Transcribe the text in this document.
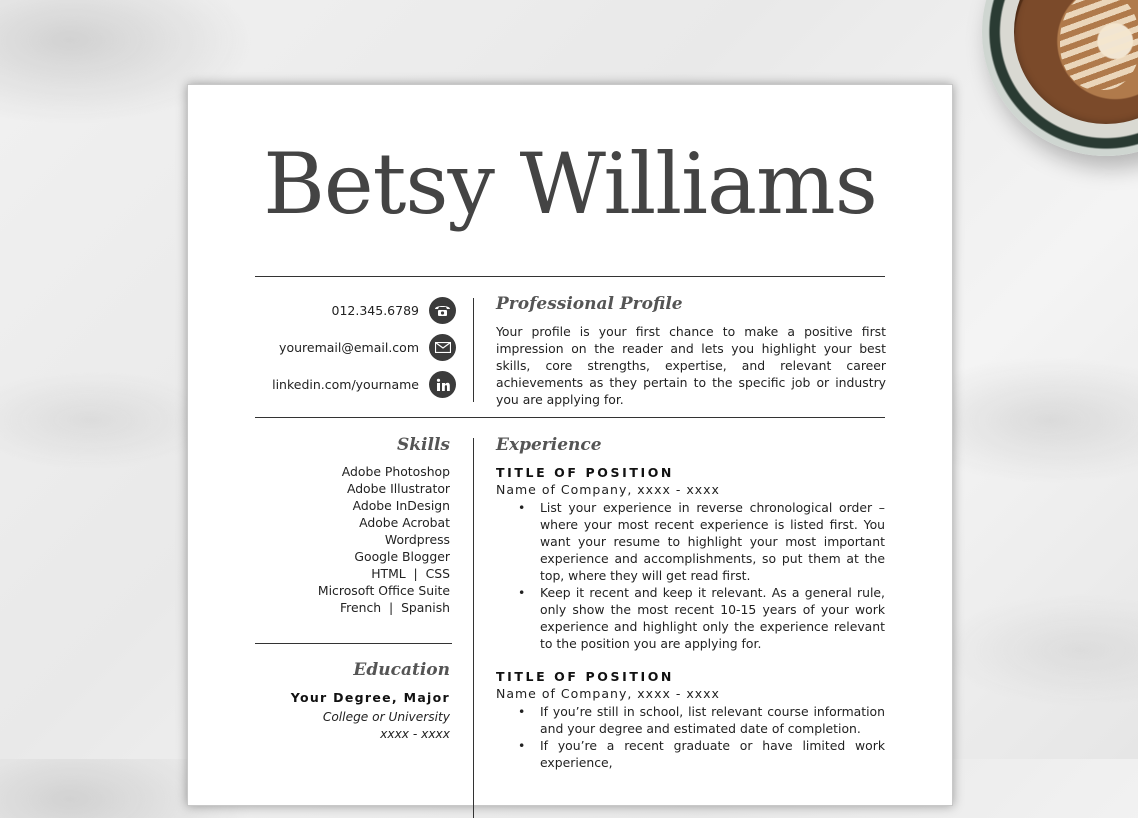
Betsy Williams
012.345.6789
youremail@email.com
linkedin.com/yourname
Professional Profile

Your profile is your first chance to make a positive first impression on the reader and lets you highlight your best skills, core strengths, expertise, and relevant career achievements as they pertain to the specific job or industry you are applying for.

Skills
Adobe Photoshop
Adobe Illustrator
Adobe InDesign
Adobe Acrobat
Wordpress
Google Blogger
HTML  |  CSS
Microsoft Office Suite
French  |  Spanish
Education

Your Degree, Major

College or University

xxxx - xxxx

Experience

TITLE OF POSITION

Name of Company, xxxx - xxxx

• List your experience in reverse chronological order – where your most recent experience is listed first. You want your resume to highlight your most important experience and accomplishments, so put them at the top, where they will get read first.
• Keep it recent and keep it relevant. As a general rule, only show the most recent 10-15 years of your work experience and highlight only the experience relevant to the position you are applying for.

TITLE OF POSITION

Name of Company, xxxx - xxxx

• If you’re still in school, list relevant course information and your degree and estimated date of completion.
• If you’re a recent graduate or have limited work experience,
